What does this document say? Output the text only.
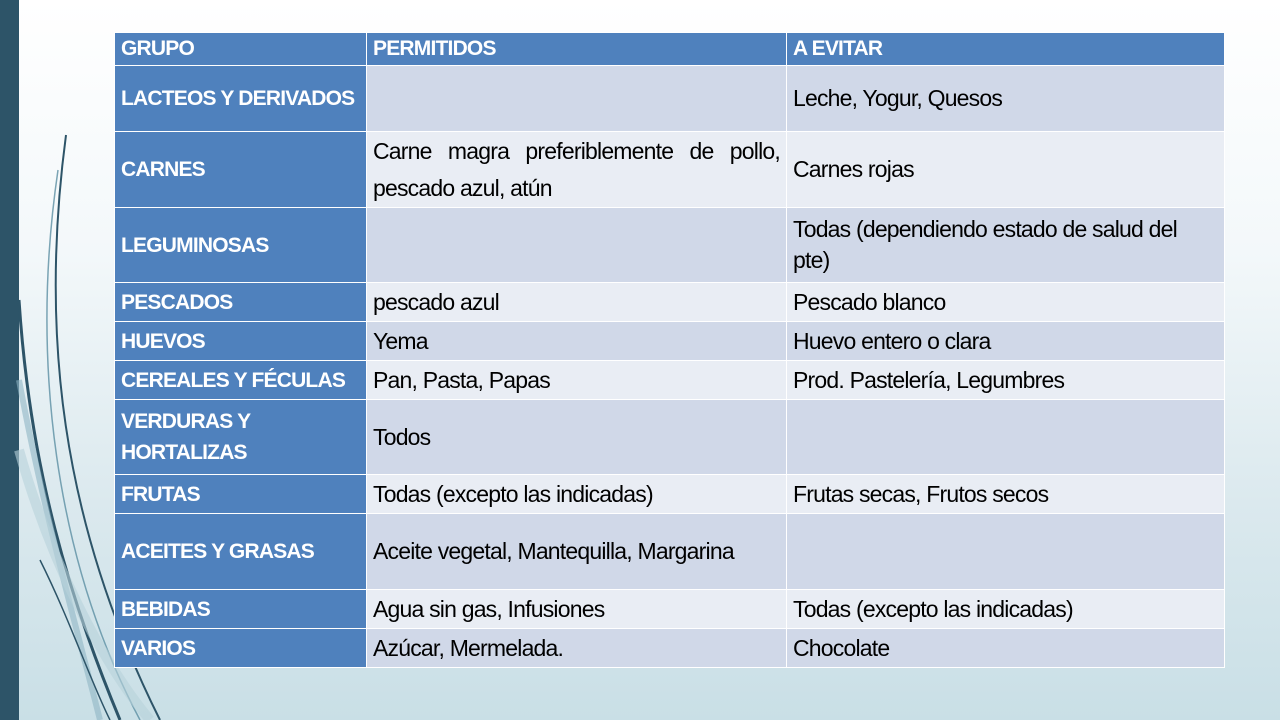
GRUPO	PERMITIDOS	A EVITAR
LACTEOS Y DERIVADOS		Leche, Yogur, Quesos
CARNES	Carne magra preferiblemente de pollo, pescado azul, atún	Carnes rojas
LEGUMINOSAS		Todas (dependiendo estado de salud del pte)
PESCADOS	pescado azul	Pescado blanco
HUEVOS	Yema	Huevo entero o clara
CEREALES Y FÉCULAS	Pan, Pasta, Papas	Prod. Pastelería, Legumbres
VERDURAS Y HORTALIZAS	Todos	
FRUTAS	Todas (excepto las indicadas)	Frutas secas, Frutos secos
ACEITES Y GRASAS	Aceite vegetal, Mantequilla, Margarina	
BEBIDAS	Agua sin gas, Infusiones	Todas (excepto las indicadas)
VARIOS	Azúcar, Mermelada.	Chocolate
